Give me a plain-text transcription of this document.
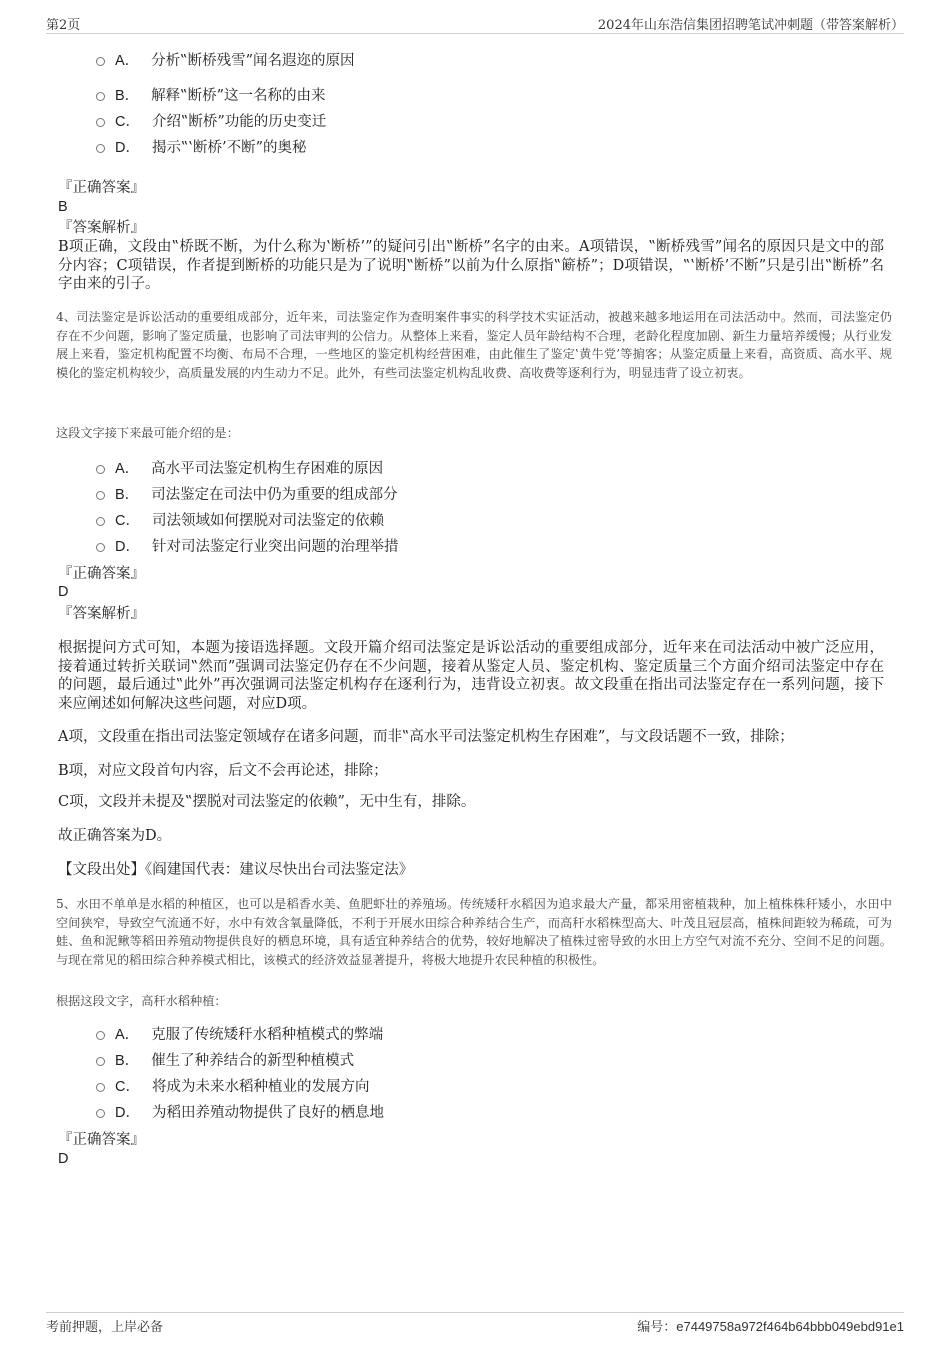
第2页	2024年山东浩信集团招聘笔试冲刺题（带答案解析）
A． 分析‟断桥残雪”闻名遐迩的原因
B． 解释‟断桥”这一名称的由来
C． 介绍‟断桥”功能的历史变迁
D． 揭示‟‛断桥’不断”的奥秘
『正确答案』
B
『答案解析』
B项正确，文段由‟桥既不断，为什么称为‛断桥’”的疑问引出‟断桥”名字的由来。A项错误，‟断桥残雪”闻名的原因只是文中的部分内容；C项错误，作者提到断桥的功能只是为了说明‟断桥”以前为什么原指‟簖桥”；D项错误，‟‛断桥’不断”只是引出‟断桥”名字由来的引子。
4、司法鉴定是诉讼活动的重要组成部分，近年来，司法鉴定作为查明案件事实的科学技术实证活动，被越来越多地运用在司法活动中。然而，司法鉴定仍存在不少问题，影响了鉴定质量，也影响了司法审判的公信力。从整体上来看，鉴定人员年龄结构不合理，老龄化程度加剧、新生力量培养缓慢；从行业发展上来看，鉴定机构配置不均衡、布局不合理，一些地区的鉴定机构经营困难，由此催生了鉴定‛黄牛党’等掮客；从鉴定质量上来看，高资质、高水平、规模化的鉴定机构较少，高质量发展的内生动力不足。此外，有些司法鉴定机构乱收费、高收费等逐利行为，明显违背了设立初衷。
这段文字接下来最可能介绍的是：
A． 高水平司法鉴定机构生存困难的原因
B． 司法鉴定在司法中仍为重要的组成部分
C． 司法领域如何摆脱对司法鉴定的依赖
D． 针对司法鉴定行业突出问题的治理举措
『正确答案』
D
『答案解析』
根据提问方式可知，本题为接语选择题。文段开篇介绍司法鉴定是诉讼活动的重要组成部分，近年来在司法活动中被广泛应用，接着通过转折关联词‟然而”强调司法鉴定仍存在不少问题，接着从鉴定人员、鉴定机构、鉴定质量三个方面介绍司法鉴定中存在的问题，最后通过‟此外”再次强调司法鉴定机构存在逐利行为，违背设立初衷。故文段重在指出司法鉴定存在一系列问题，接下来应阐述如何解决这些问题，对应D项。
A项，文段重在指出司法鉴定领域存在诸多问题，而非‟高水平司法鉴定机构生存困难”，与文段话题不一致，排除；
B项，对应文段首句内容，后文不会再论述，排除；
C项，文段并未提及‟摆脱对司法鉴定的依赖”，无中生有，排除。
故正确答案为D。
【文段出处】《阎建国代表：建议尽快出台司法鉴定法》
5、水田不单单是水稻的种植区，也可以是稻香水美、鱼肥虾壮的养殖场。传统矮秆水稻因为追求最大产量，都采用密植栽种，加上植株株秆矮小，水田中空间狭窄，导致空气流通不好，水中有效含氧量降低，不利于开展水田综合种养结合生产，而高秆水稻株型高大、叶茂且冠层高，植株间距较为稀疏，可为蛙、鱼和泥鳅等稻田养殖动物提供良好的栖息环境，具有适宜种养结合的优势，较好地解决了植株过密导致的水田上方空气对流不充分、空间不足的问题。与现在常见的稻田综合种养模式相比，该模式的经济效益显著提升，将极大地提升农民种植的积极性。
根据这段文字，高秆水稻种植：
A． 克服了传统矮秆水稻种植模式的弊端
B． 催生了种养结合的新型种植模式
C． 将成为未来水稻种植业的发展方向
D． 为稻田养殖动物提供了良好的栖息地
『正确答案』
D
考前押题，上岸必备	编号：e7449758a972f464b64bbb049ebd91e1
